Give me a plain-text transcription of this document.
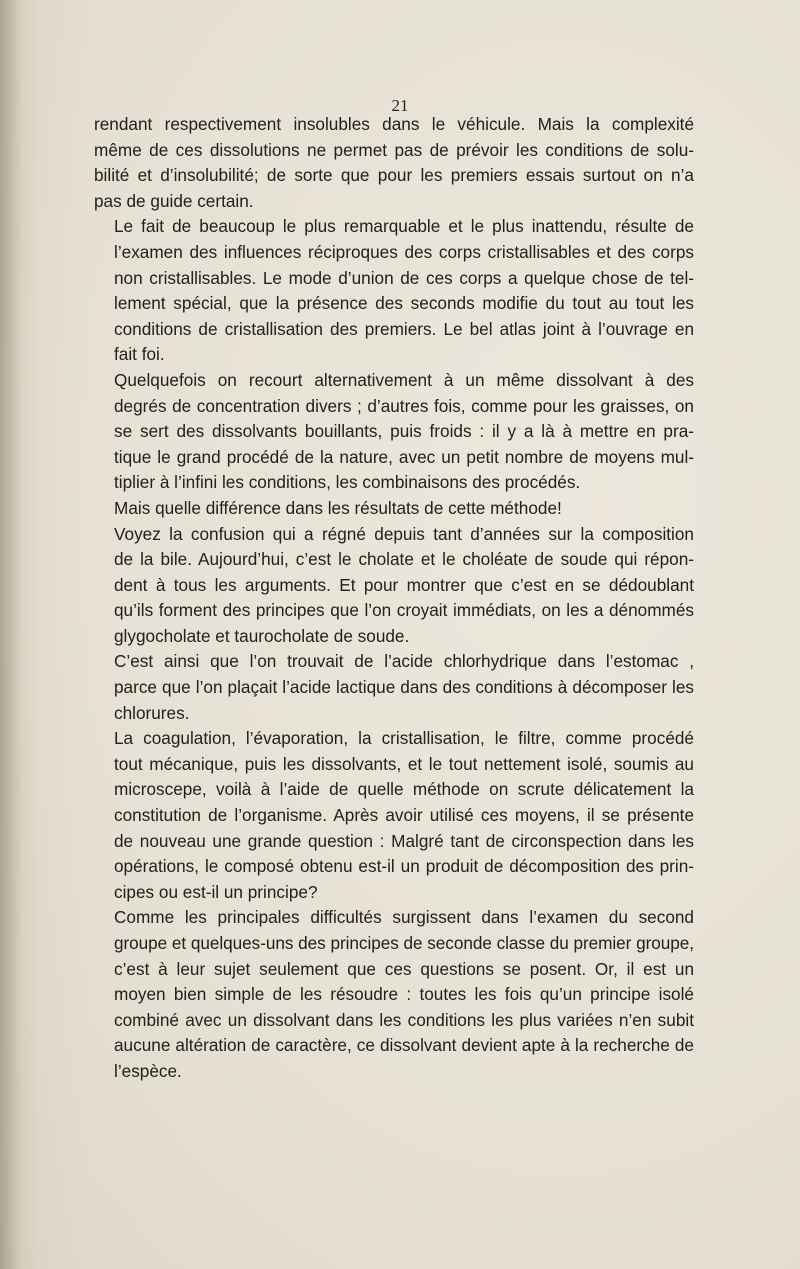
21

rendant respectivement insolubles dans le véhicule. Mais la complexité
même de ces dissolutions ne permet pas de prévoir les conditions de solu-
bilité et d’insolubilité; de sorte que pour les premiers essais surtout on n’a
pas de guide certain.

Le fait de beaucoup le plus remarquable et le plus inattendu, résulte de
l’examen des influences réciproques des corps cristallisables et des corps
non cristallisables. Le mode d’union de ces corps a quelque chose de tel-
lement spécial, que la présence des seconds modifie du tout au tout les
conditions de cristallisation des premiers. Le bel atlas joint à l’ouvrage en
fait foi.

Quelquefois on recourt alternativement à un même dissolvant à des
degrés de concentration divers ; d’autres fois, comme pour les graisses, on
se sert des dissolvants bouillants, puis froids : il y a là à mettre en pra-
tique le grand procédé de la nature, avec un petit nombre de moyens mul-
tiplier à l’infini les conditions, les combinaisons des procédés.

Mais quelle différence dans les résultats de cette méthode!

Voyez la confusion qui a régné depuis tant d’années sur la composition
de la bile. Aujourd’hui, c’est le cholate et le choléate de soude qui répon-
dent à tous les arguments. Et pour montrer que c’est en se dédoublant
qu’ils forment des principes que l’on croyait immédiats, on les a dénommés
glygocholate et taurocholate de soude.

C’est ainsi que l’on trouvait de l’acide chlorhydrique dans l’estomac ,
parce que l’on plaçait l’acide lactique dans des conditions à décomposer les
chlorures.

La coagulation, l’évaporation, la cristallisation, le filtre, comme procédé
tout mécanique, puis les dissolvants, et le tout nettement isolé, soumis au
microscepe, voilà à l’aide de quelle méthode on scrute délicatement la
constitution de l’organisme. Après avoir utilisé ces moyens, il se présente
de nouveau une grande question : Malgré tant de circonspection dans les
opérations, le composé obtenu est-il un produit de décomposition des prin-
cipes ou est-il un principe?

Comme les principales difficultés surgissent dans l’examen du second
groupe et quelques-uns des principes de seconde classe du premier groupe,
c’est à leur sujet seulement que ces questions se posent. Or, il est un
moyen bien simple de les résoudre : toutes les fois qu’un principe isolé
combiné avec un dissolvant dans les conditions les plus variées n’en subit
aucune altération de caractère, ce dissolvant devient apte à la recherche de
l’espèce.
